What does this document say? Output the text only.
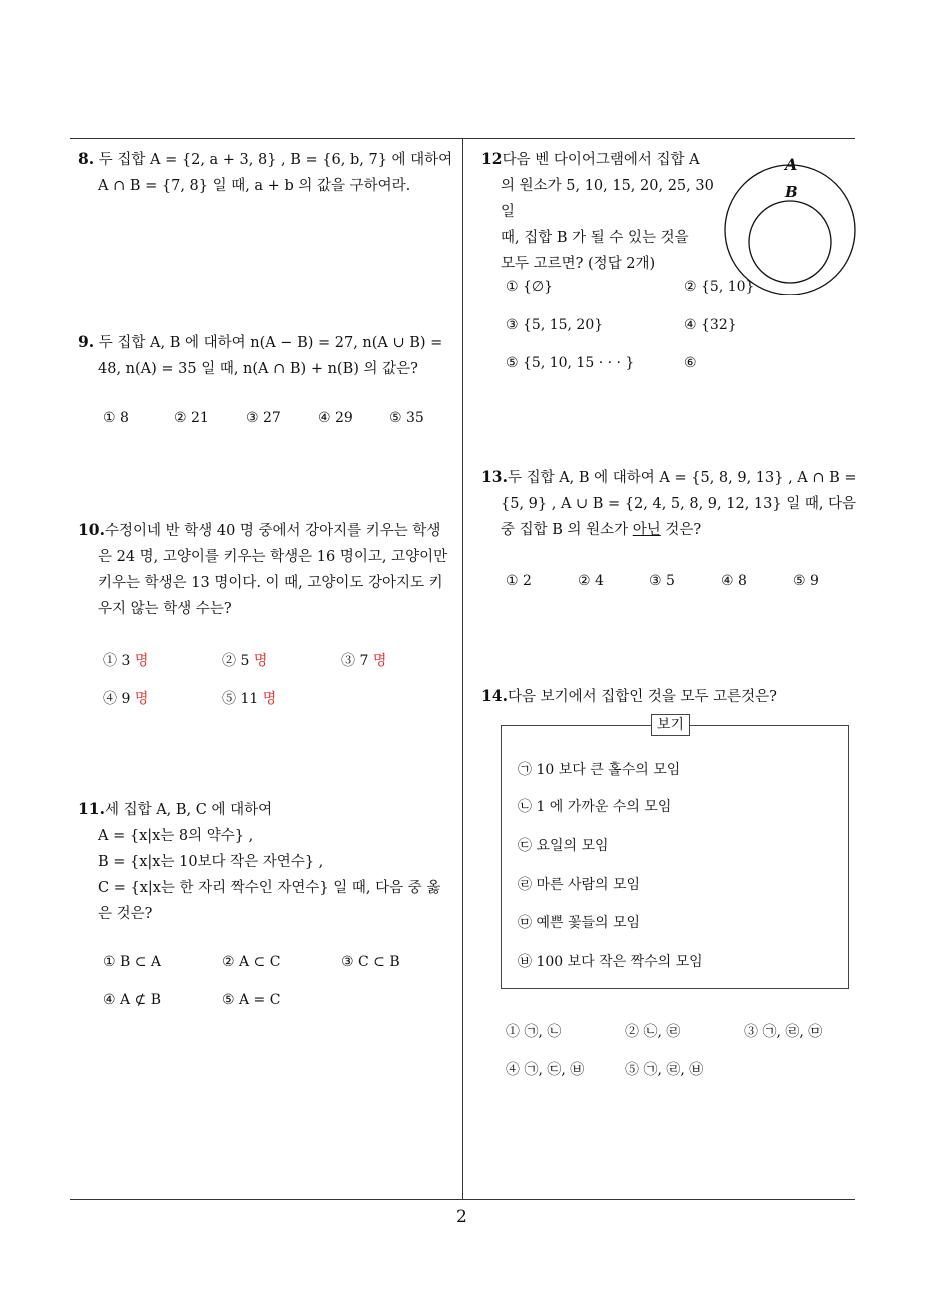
8. 두 집합 A = {2, a + 3, 8} , B = {6, b, 7} 에 대하여
A ∩ B = {7, 8} 일 때, a + b 의 값을 구하여라.
9. 두 집합 A, B 에 대하여 n(A − B) = 27, n(A ∪ B) =
48, n(A) = 35 일 때, n(A ∩ B) + n(B) 의 값은?
① 8	② 21	③ 27	④ 29	⑤ 35
10.수정이네 반 학생 40 명 중에서 강아지를 키우는 학생
은 24 명, 고양이를 키우는 학생은 16 명이고, 고양이만
키우는 학생은 13 명이다. 이 때, 고양이도 강아지도 키
우지 않는 학생 수는?
① 3 명	② 5 명	③ 7 명
④ 9 명	⑤ 11 명
11.세 집합 A, B, C 에 대하여
A = {x|x는 8의 약수} ,
B = {x|x는 10보다 작은 자연수} ,
C = {x|x는 한 자리 짝수인 자연수} 일 때, 다음 중 옳
은 것은?
① B ⊂ A	② A ⊂ C	③ C ⊂ B
④ A ⊄ B	⑤ A = C
12다음 벤 다이어그램에서 집합 A
의 원소가 5, 10, 15, 20, 25, 30 일
때, 집합 B 가 될 수 있는 것을
모두 고르면? (정답 2개)
A
B
① {∅}	② {5, 10}
③ {5, 15, 20}	④ {32}
⑤ {5, 10, 15 · · · }	⑥
13.두 집합 A, B 에 대하여 A = {5, 8, 9, 13} , A ∩ B =
{5, 9} , A ∪ B = {2, 4, 5, 8, 9, 12, 13} 일 때, 다음
중 집합 B 의 원소가 아닌 것은?
① 2	② 4	③ 5	④ 8	⑤ 9
14.다음 보기에서 집합인 것을 모두 고른것은?
보기
㉠ 10 보다 큰 홀수의 모임
㉡ 1 에 가까운 수의 모임
㉢ 요일의 모임
㉣ 마른 사람의 모임
㉤ 예쁜 꽃들의 모임
㉥ 100 보다 작은 짝수의 모임
① ㉠, ㉡	② ㉡, ㉣	③ ㉠, ㉣, ㉤
④ ㉠, ㉢, ㉥	⑤ ㉠, ㉣, ㉥
2
